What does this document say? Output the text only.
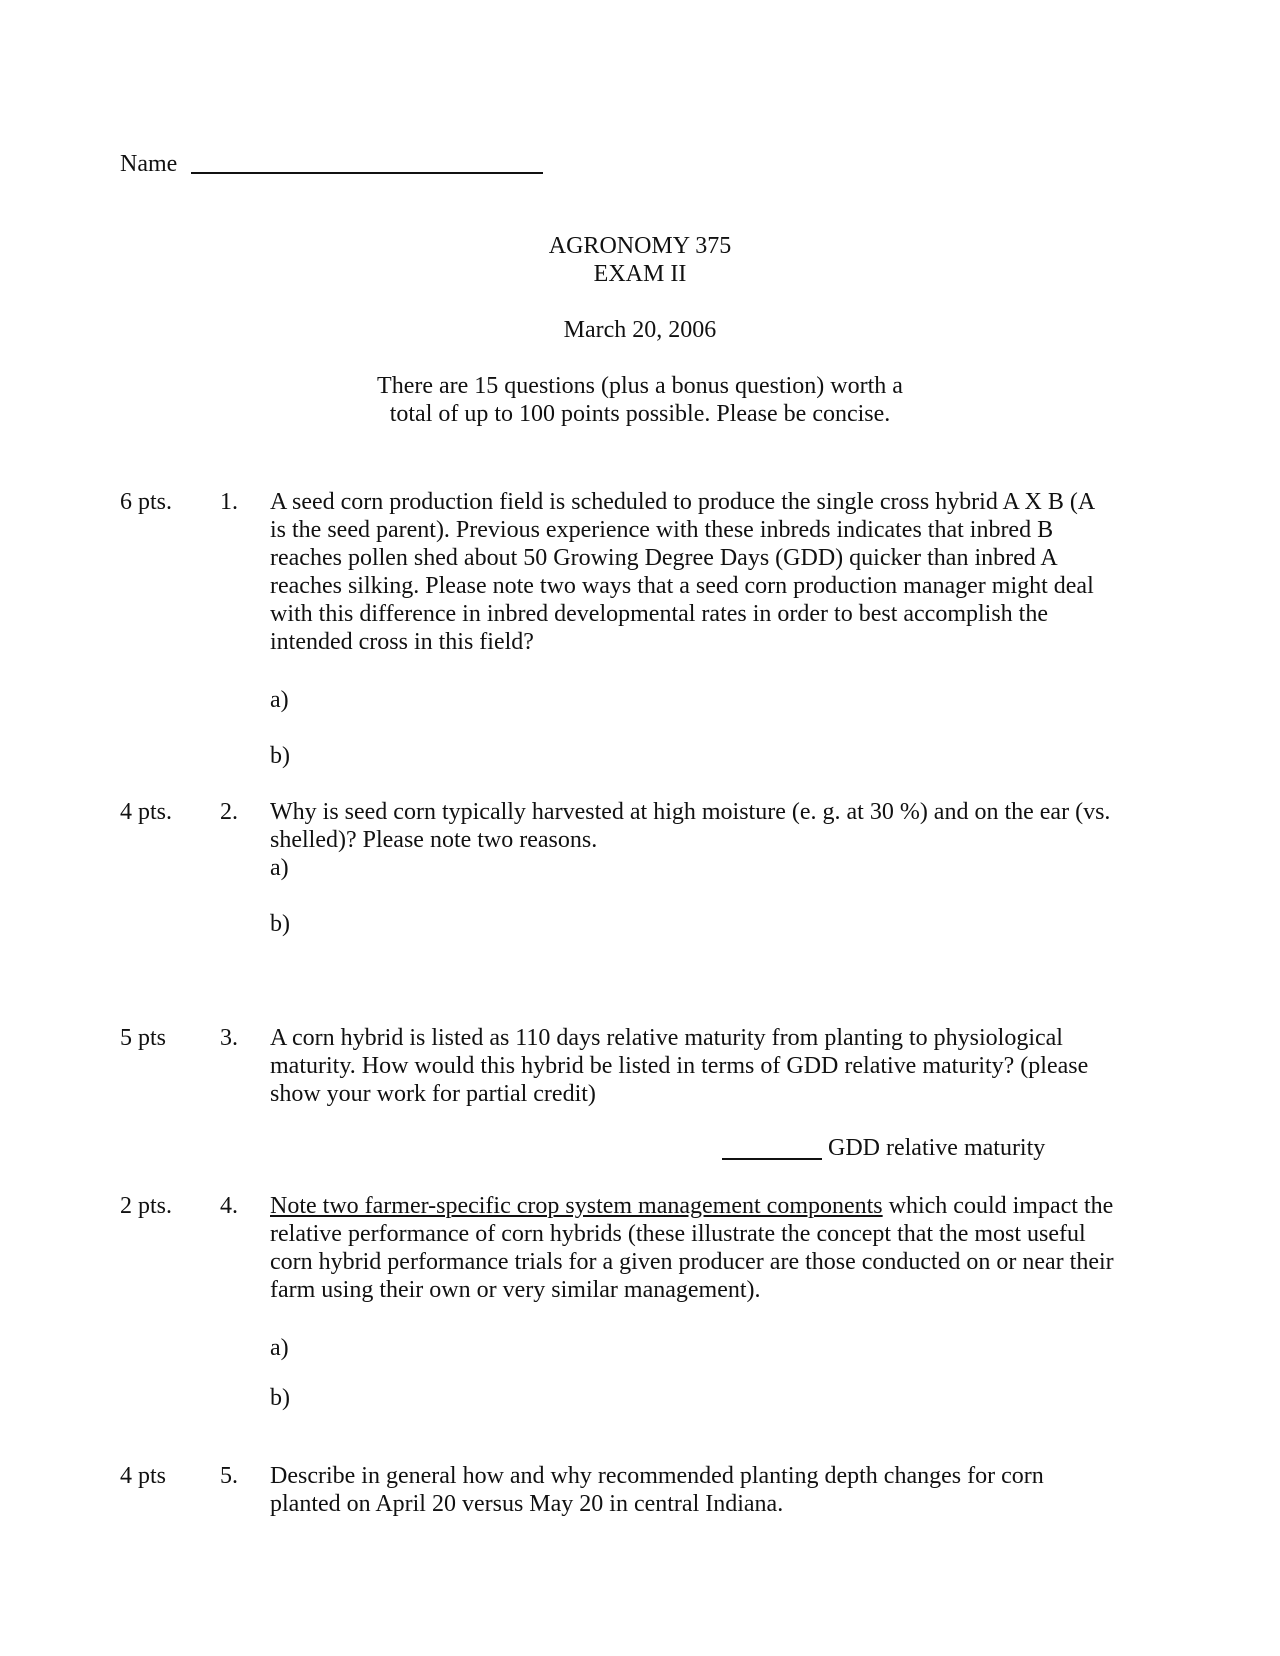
Name
AGRONOMY 375
EXAM II
March 20, 2006
There are 15 questions (plus a bonus question) worth a
total of up to 100 points possible. Please be concise.
6 pts. 1. A seed corn production field is scheduled to produce the single cross hybrid A X B (A
is the seed parent). Previous experience with these inbreds indicates that inbred B
reaches pollen shed about 50 Growing Degree Days (GDD) quicker than inbred A
reaches silking. Please note two ways that a seed corn production manager might deal
with this difference in inbred developmental rates in order to best accomplish the
intended cross in this field?
a)
b)
4 pts. 2. Why is seed corn typically harvested at high moisture (e. g. at 30 %) and on the ear (vs.
shelled)? Please note two reasons.
a)
b)
5 pts 3. A corn hybrid is listed as 110 days relative maturity from planting to physiological
maturity. How would this hybrid be listed in terms of GDD relative maturity? (please
show your work for partial credit)
GDD relative maturity
2 pts. 4. Note two farmer-specific crop system management components which could impact the
relative performance of corn hybrids (these illustrate the concept that the most useful
corn hybrid performance trials for a given producer are those conducted on or near their
farm using their own or very similar management).
a)
b)
4 pts 5. Describe in general how and why recommended planting depth changes for corn
planted on April 20 versus May 20 in central Indiana.
